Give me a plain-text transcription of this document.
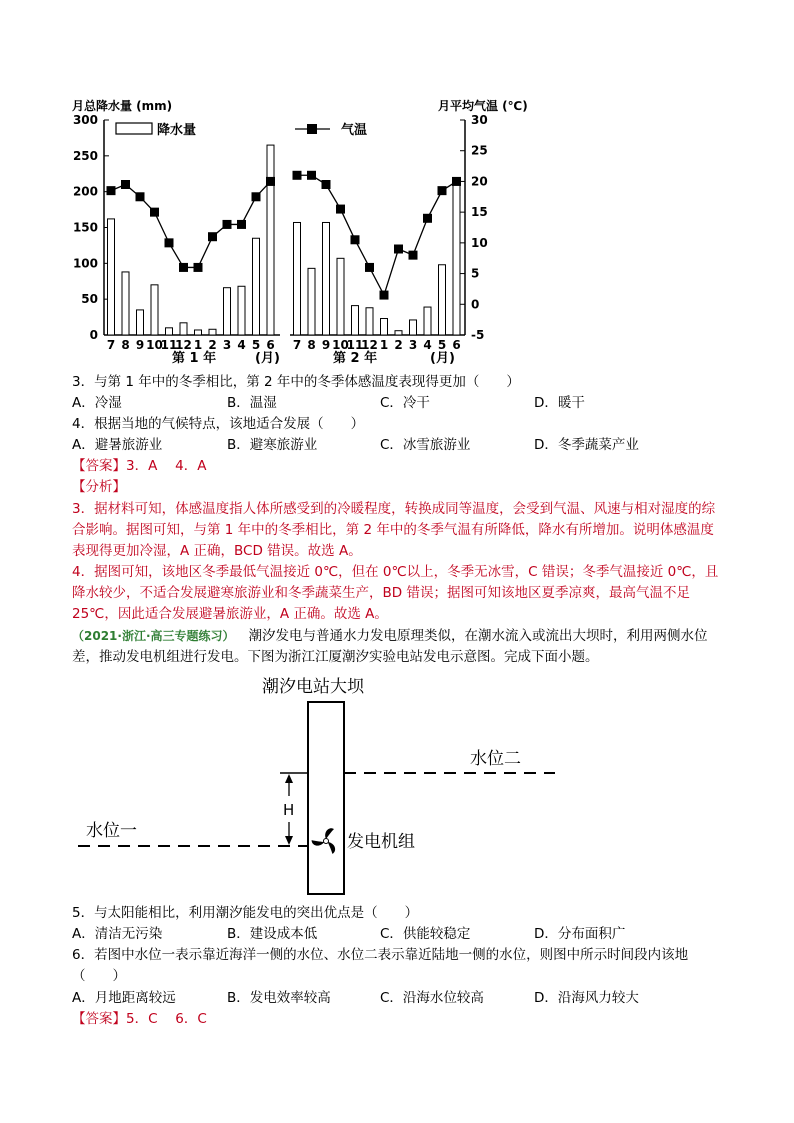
月总降水量 (mm)	月平均气温 (℃)
300
250
200
150
100
50
0
30
25
20
15
10
5
0
-5
7 8 9 10
11
12 1 2 3 4 5 6 7 8 9 10
11
12 1 2 3 4 5 6
降水量	气温
第 1 年	(月)	第 2 年	(月)
3．与第 1 年中的冬季相比，第 2 年中的冬季体感温度表现得更加（　　）
A．冷湿	B．温湿	C．冷干	D．暖干
4．根据当地的气候特点，该地适合发展（　　）
A．避暑旅游业	B．避寒旅游业	C．冰雪旅游业	D．冬季蔬菜产业
【答案】3．A　 4．A
【分析】
3．据材料可知，体感温度指人体所感受到的冷暖程度，转换成同等温度，会受到气温、风速与相对湿度的综合影响。据图可知，与第 1 年中的冬季相比，第 2 年中的冬季气温有所降低，降水有所增加。说明体感温度表现得更加冷湿，A 正确，BCD 错误。故选 A。
4．据图可知，该地区冬季最低气温接近 0℃，但在 0℃以上，冬季无冰雪，C 错误；冬季气温接近 0℃，且降水较少，不适合发展避寒旅游业和冬季蔬菜生产，BD 错误；据图可知该地区夏季凉爽，最高气温不足 25℃，因此适合发展避暑旅游业，A 正确。故选 A。
（2021·浙江·高三专题练习） 潮汐发电与普通水力发电原理类似，在潮水流入或流出大坝时，利用两侧水位差，推动发电机组进行发电。下图为浙江江厦潮汐实验电站发电示意图。完成下面小题。
潮汐电站大坝
水位二
水位一
H
发电机组
5．与太阳能相比，利用潮汐能发电的突出优点是（　　）
A．清洁无污染	B．建设成本低	C．供能较稳定	D．分布面积广
6．若图中水位一表示靠近海洋一侧的水位、水位二表示靠近陆地一侧的水位，则图中所示时间段内该地（　　）
A．月地距离较远	B．发电效率较高	C．沿海水位较高	D．沿海风力较大
【答案】5．C　 6．C
